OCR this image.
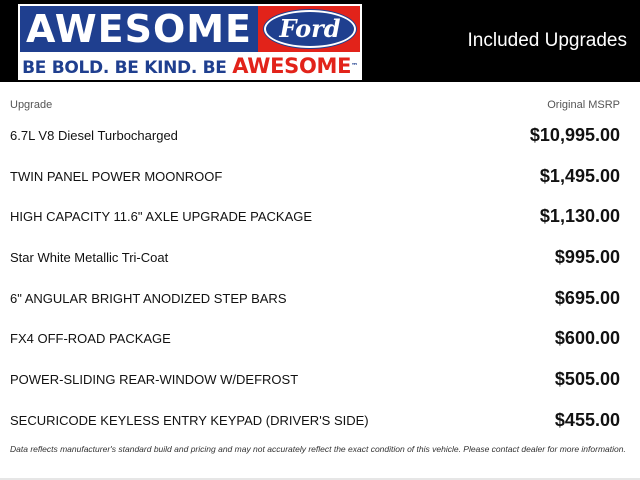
AWESOME	Ford
BE BOLD. BE KIND. BE AWESOME™
Included Upgrades
Upgrade	Original MSRP
6.7L V8 Diesel Turbocharged	$10,995.00
TWIN PANEL POWER MOONROOF	$1,495.00
HIGH CAPACITY 11.6" AXLE UPGRADE PACKAGE	$1,130.00
Star White Metallic Tri-Coat	$995.00
6" ANGULAR BRIGHT ANODIZED STEP BARS	$695.00
FX4 OFF-ROAD PACKAGE	$600.00
POWER-SLIDING REAR-WINDOW W/DEFROST	$505.00
SECURICODE KEYLESS ENTRY KEYPAD (DRIVER'S SIDE)	$455.00
Data reflects manufacturer's standard build and pricing and may not accurately reflect the exact condition of this vehicle. Please contact dealer for more information.
